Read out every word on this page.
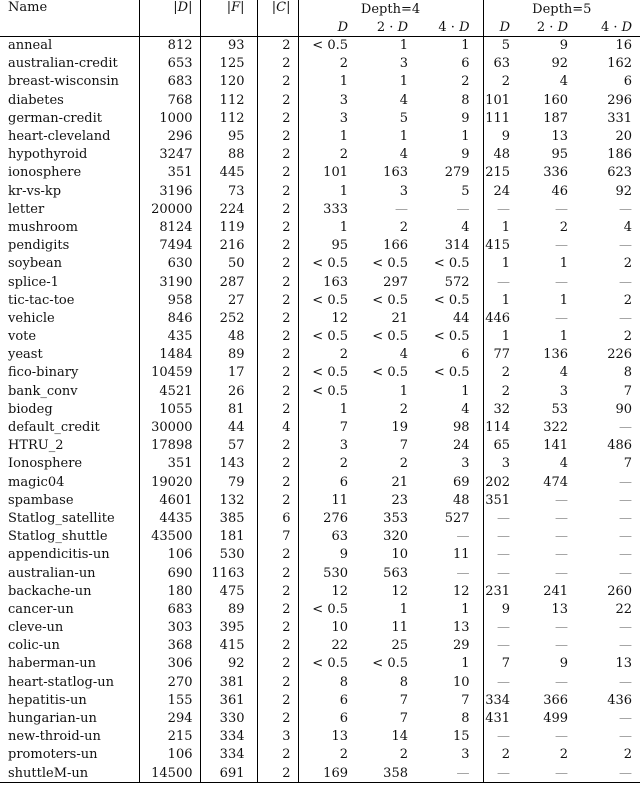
Name	|D|	|F|	|C|	Depth=4			Depth=5		
				D	2 · D	4 · D	D	2 · D	4 · D
anneal	812	93	2	< 0.5	1	1	5	9	16
australian-credit	653	125	2	2	3	6	63	92	162
breast-wisconsin	683	120	2	1	1	2	2	4	6
diabetes	768	112	2	3	4	8	101	160	296
german-credit	1000	112	2	3	5	9	111	187	331
heart-cleveland	296	95	2	1	1	1	9	13	20
hypothyroid	3247	88	2	2	4	9	48	95	186
ionosphere	351	445	2	101	163	279	215	336	623
kr-vs-kp	3196	73	2	1	3	5	24	46	92
letter	20000	224	2	333	—	—	—	—	—
mushroom	8124	119	2	1	2	4	1	2	4
pendigits	7494	216	2	95	166	314	415	—	—
soybean	630	50	2	< 0.5	< 0.5	< 0.5	1	1	2
splice-1	3190	287	2	163	297	572	—	—	—
tic-tac-toe	958	27	2	< 0.5	< 0.5	< 0.5	1	1	2
vehicle	846	252	2	12	21	44	446	—	—
vote	435	48	2	< 0.5	< 0.5	< 0.5	1	1	2
yeast	1484	89	2	2	4	6	77	136	226
fico-binary	10459	17	2	< 0.5	< 0.5	< 0.5	2	4	8
bank_conv	4521	26	2	< 0.5	1	1	2	3	7
biodeg	1055	81	2	1	2	4	32	53	90
default_credit	30000	44	4	7	19	98	114	322	—
HTRU_2	17898	57	2	3	7	24	65	141	486
Ionosphere	351	143	2	2	2	3	3	4	7
magic04	19020	79	2	6	21	69	202	474	—
spambase	4601	132	2	11	23	48	351	—	—
Statlog_satellite	4435	385	6	276	353	527	—	—	—
Statlog_shuttle	43500	181	7	63	320	—	—	—	—
appendicitis-un	106	530	2	9	10	11	—	—	—
australian-un	690	1163	2	530	563	—	—	—	—
backache-un	180	475	2	12	12	12	231	241	260
cancer-un	683	89	2	< 0.5	1	1	9	13	22
cleve-un	303	395	2	10	11	13	—	—	—
colic-un	368	415	2	22	25	29	—	—	—
haberman-un	306	92	2	< 0.5	< 0.5	1	7	9	13
heart-statlog-un	270	381	2	8	8	10	—	—	—
hepatitis-un	155	361	2	6	7	7	334	366	436
hungarian-un	294	330	2	6	7	8	431	499	—
new-throid-un	215	334	3	13	14	15	—	—	—
promoters-un	106	334	2	2	2	3	2	2	2
shuttleM-un	14500	691	2	169	358	—	—	—	—
